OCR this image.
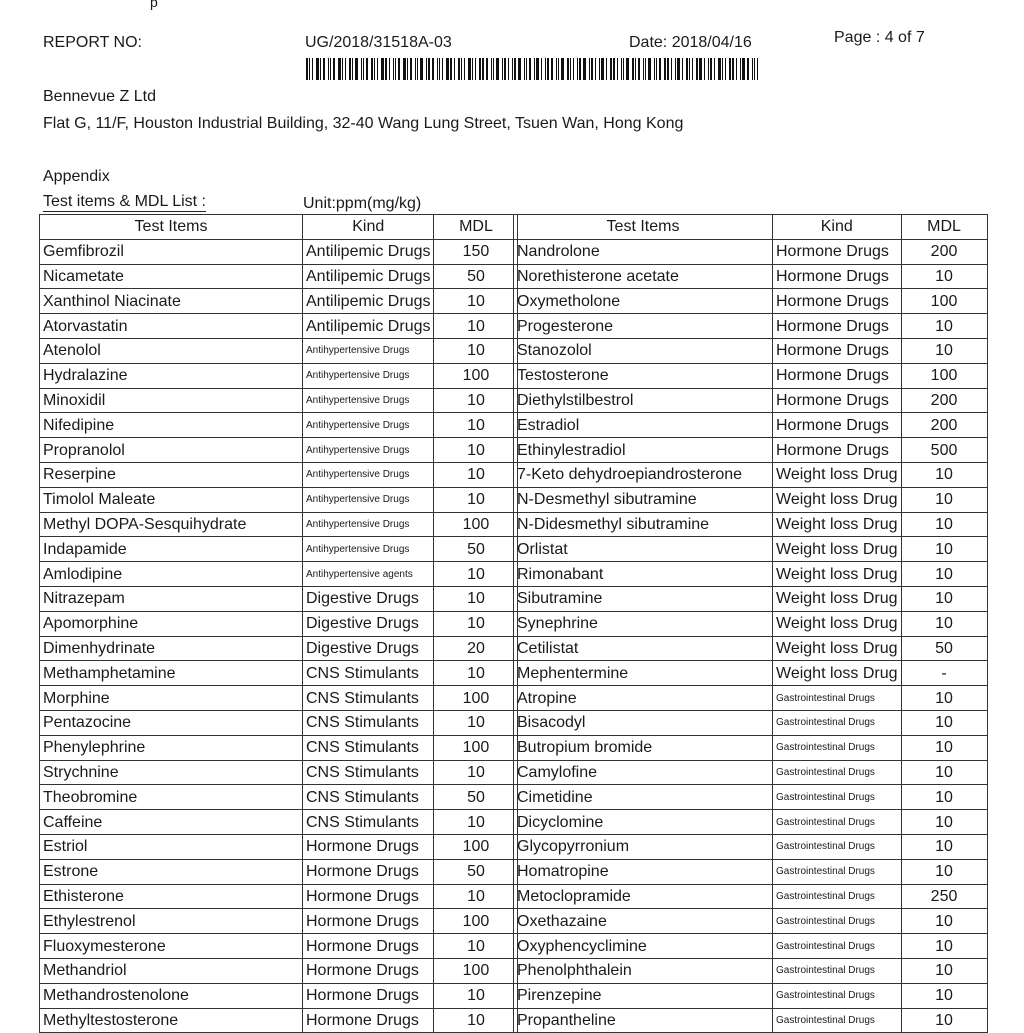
p
REPORT NO:	UG/2018/31518A-03	Date: 2018/04/16	Page : 4 of 7
Bennevue Z Ltd
Flat G, 11/F, Houston Industrial Building, 32-40 Wang Lung Street, Tsuen Wan, Hong Kong
Appendix
Test items & MDL List :	Unit:ppm(mg/kg)
Test Items	Kind	MDL
Gemfibrozil	Antilipemic Drugs	150
Nicametate	Antilipemic Drugs	50
Xanthinol Niacinate	Antilipemic Drugs	10
Atorvastatin	Antilipemic Drugs	10
Atenolol	Antihypertensive Drugs	10
Hydralazine	Antihypertensive Drugs	100
Minoxidil	Antihypertensive Drugs	10
Nifedipine	Antihypertensive Drugs	10
Propranolol	Antihypertensive Drugs	10
Reserpine	Antihypertensive Drugs	10
Timolol Maleate	Antihypertensive Drugs	10
Methyl DOPA-Sesquihydrate	Antihypertensive Drugs	100
Indapamide	Antihypertensive Drugs	50
Amlodipine	Antihypertensive agents	10
Nitrazepam	Digestive Drugs	10
Apomorphine	Digestive Drugs	10
Dimenhydrinate	Digestive Drugs	20
Methamphetamine	CNS Stimulants	10
Morphine	CNS Stimulants	100
Pentazocine	CNS Stimulants	10
Phenylephrine	CNS Stimulants	100
Strychnine	CNS Stimulants	10
Theobromine	CNS Stimulants	50
Caffeine	CNS Stimulants	10
Estriol	Hormone Drugs	100
Estrone	Hormone Drugs	50
Ethisterone	Hormone Drugs	10
Ethylestrenol	Hormone Drugs	100
Fluoxymesterone	Hormone Drugs	10
Methandriol	Hormone Drugs	100
Methandrostenolone	Hormone Drugs	10
Methyltestosterone	Hormone Drugs	10
Test Items	Kind	MDL
Nandrolone	Hormone Drugs	200
Norethisterone acetate	Hormone Drugs	10
Oxymetholone	Hormone Drugs	100
Progesterone	Hormone Drugs	10
Stanozolol	Hormone Drugs	10
Testosterone	Hormone Drugs	100
Diethylstilbestrol	Hormone Drugs	200
Estradiol	Hormone Drugs	200
Ethinylestradiol	Hormone Drugs	500
7-Keto dehydroepiandrosterone	Weight loss Drug	10
N-Desmethyl sibutramine	Weight loss Drug	10
N-Didesmethyl sibutramine	Weight loss Drug	10
Orlistat	Weight loss Drug	10
Rimonabant	Weight loss Drug	10
Sibutramine	Weight loss Drug	10
Synephrine	Weight loss Drug	10
Cetilistat	Weight loss Drug	50
Mephentermine	Weight loss Drug	-
Atropine	Gastrointestinal Drugs	10
Bisacodyl	Gastrointestinal Drugs	10
Butropium bromide	Gastrointestinal Drugs	10
Camylofine	Gastrointestinal Drugs	10
Cimetidine	Gastrointestinal Drugs	10
Dicyclomine	Gastrointestinal Drugs	10
Glycopyrronium	Gastrointestinal Drugs	10
Homatropine	Gastrointestinal Drugs	10
Metoclopramide	Gastrointestinal Drugs	250
Oxethazaine	Gastrointestinal Drugs	10
Oxyphencyclimine	Gastrointestinal Drugs	10
Phenolphthalein	Gastrointestinal Drugs	10
Pirenzepine	Gastrointestinal Drugs	10
Propantheline	Gastrointestinal Drugs	10
